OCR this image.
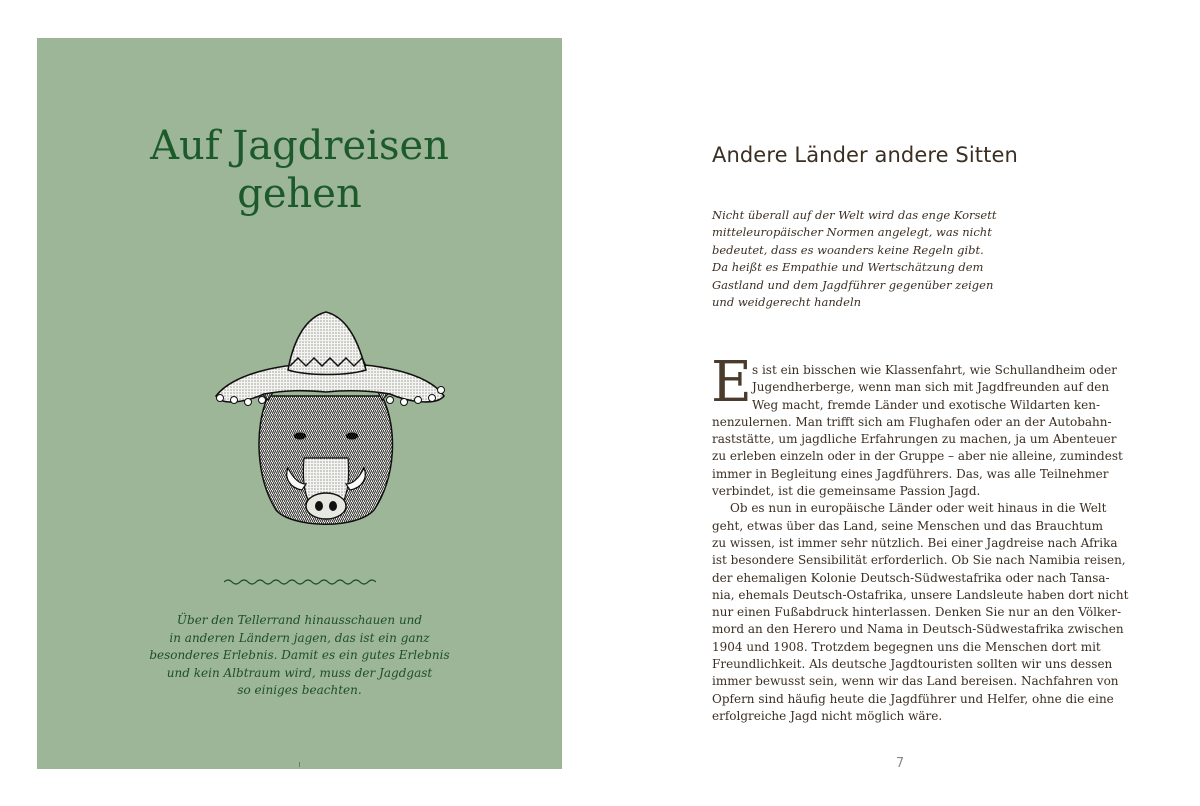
Auf Jagdreisen
gehen

Über den Tellerrand hinausschauen und
in anderen Ländern jagen, das ist ein ganz
besonderes Erlebnis. Damit es ein gutes Erlebnis
und kein Albtraum wird, muss der Jagdgast
so einiges beachten.

Andere Länder andere Sitten

Nicht überall auf der Welt wird das enge Korsett
mitteleuropäischer Normen angelegt, was nicht
bedeutet, dass es woanders keine Regeln gibt.
Da heißt es Empathie und Wertschätzung dem
Gastland und dem Jagdführer gegenüber zeigen
und weidgerecht handeln

E s ist ein bisschen wie Klassenfahrt, wie Schullandheim oder
Jugendherberge, wenn man sich mit Jagdfreunden auf den
Weg macht, fremde Länder und exotische Wildarten ken-
nenzulernen. Man trifft sich am Flughafen oder an der Autobahn-
raststätte, um jagdliche Erfahrungen zu machen, ja um Abenteuer
zu erleben einzeln oder in der Gruppe – aber nie alleine, zumindest
immer in Begleitung eines Jagdführers. Das, was alle Teilnehmer
verbindet, ist die gemeinsame Passion Jagd.
Ob es nun in europäische Länder oder weit hinaus in die Welt
geht, etwas über das Land, seine Menschen und das Brauchtum
zu wissen, ist immer sehr nützlich. Bei einer Jagdreise nach Afrika
ist besondere Sensibilität erforderlich. Ob Sie nach Namibia reisen,
der ehemaligen Kolonie Deutsch-Südwestafrika oder nach Tansa-
nia, ehemals Deutsch-Ostafrika, unsere Landsleute haben dort nicht
nur einen Fußabdruck hinterlassen. Denken Sie nur an den Völker-
mord an den Herero und Nama in Deutsch-Südwestafrika zwischen
1904 und 1908. Trotzdem begegnen uns die Menschen dort mit
Freundlichkeit. Als deutsche Jagdtouristen sollten wir uns dessen
immer bewusst sein, wenn wir das Land bereisen. Nachfahren von
Opfern sind häufig heute die Jagdführer und Helfer, ohne die eine
erfolgreiche Jagd nicht möglich wäre.

7
